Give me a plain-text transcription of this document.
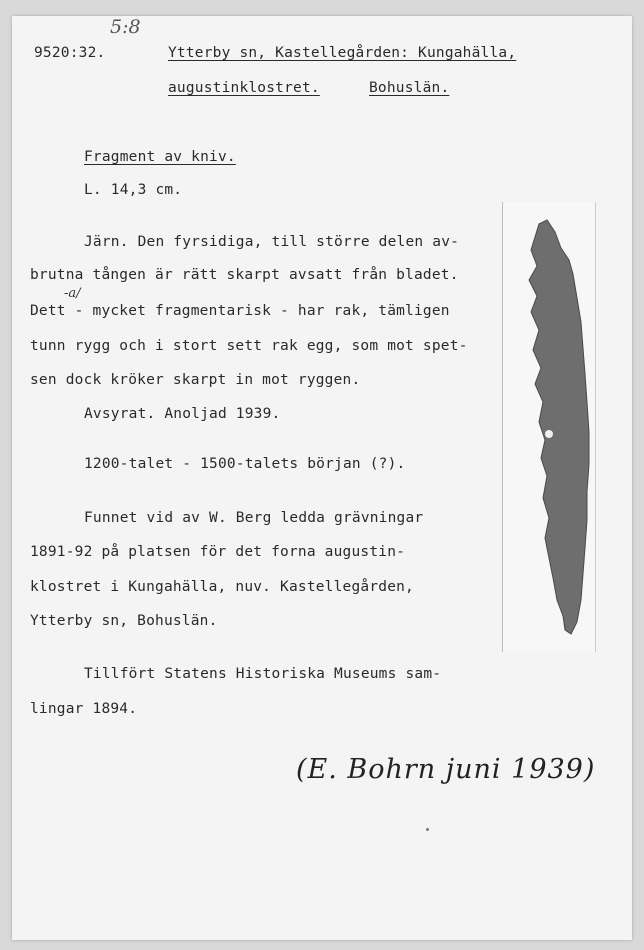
5:8
9520:32.	Ytterby sn, Kastellegården: Kungahälla,
augustinklostret.	Bohuslän.
Fragment av kniv.
L. 14,3 cm.
Järn. Den fyrsidiga, till större delen av-
brutna tången är rätt skarpt avsatt från bladet.
-a/
Dett - mycket fragmentarisk - har rak, tämligen
tunn rygg och i stort sett rak egg, som mot spet-
sen dock kröker skarpt in mot ryggen.
Avsyrat. Anoljad 1939.
1200-talet - 1500-talets början (?).
Funnet vid av W. Berg ledda grävningar
1891-92 på platsen för det forna augustin-
klostret i Kungahälla, nuv. Kastellegården,
Ytterby sn, Bohuslän.
Tillfört Statens Historiska Museums sam-
lingar 1894.
(E. Bohrn juni 1939)
